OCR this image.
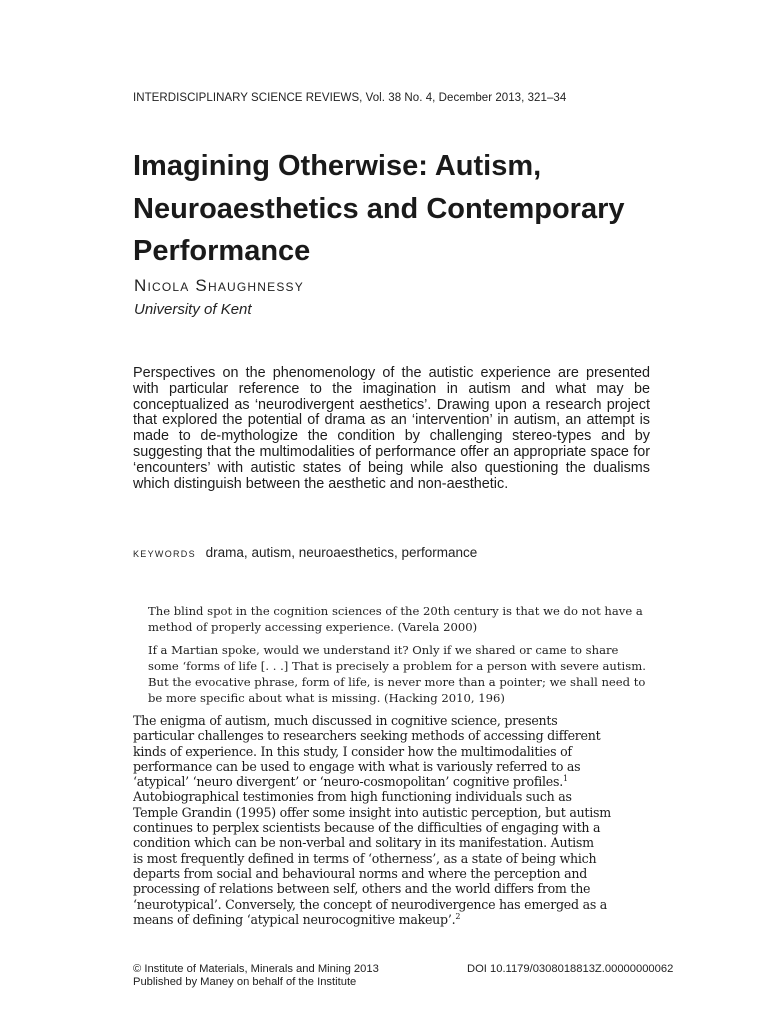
INTERDISCIPLINARY SCIENCE REVIEWS, Vol. 38 No. 4, December 2013, 321–34
Imagining Otherwise: Autism, Neuroaesthetics and Contemporary Performance
Nicola Shaughnessy
University of Kent

Perspectives on the phenomenology of the autistic experience are presented with particular reference to the imagination in autism and what may be conceptualized as ‘neurodivergent aesthetics’. Drawing upon a research project that explored the potential of drama as an ‘intervention’ in autism, an attempt is made to de-mythologize the condition by challenging stereo-types and by suggesting that the multimodalities of performance offer an appropriate space for ‘encounters’ with autistic states of being while also questioning the dualisms which distinguish between the aesthetic and non-aesthetic.

keywords drama, autism, neuroaesthetics, performance

The blind spot in the cognition sciences of the 20th century is that we do not have a method of properly accessing experience. (Varela 2000)

If a Martian spoke, would we understand it? Only if we shared or came to share some ‘forms of life [. . .] That is precisely a problem for a person with severe autism. But the evocative phrase, form of life, is never more than a pointer; we shall need to be more specific about what is missing. (Hacking 2010, 196)

The enigma of autism, much discussed in cognitive science, presents
particular challenges to researchers seeking methods of accessing different
kinds of experience. In this study, I consider how the multimodalities of
performance can be used to engage with what is variously referred to as
‘atypical’ ‘neuro divergent’ or ‘neuro-cosmopolitan’ cognitive profiles.$^1$
Autobiographical testimonies from high functioning individuals such as
Temple Grandin (1995) offer some insight into autistic perception, but autism
continues to perplex scientists because of the difficulties of engaging with a
condition which can be non-verbal and solitary in its manifestation. Autism
is most frequently defined in terms of ‘otherness’, as a state of being which
departs from social and behavioural norms and where the perception and
processing of relations between self, others and the world differs from the
‘neurotypical’. Conversely, the concept of neurodivergence has emerged as a
means of defining ‘atypical neurocognitive makeup’.$^2$
© Institute of Materials, Minerals and Mining 2013
Published by Maney on behalf of the Institute
DOI 10.1179/0308018813Z.00000000062
